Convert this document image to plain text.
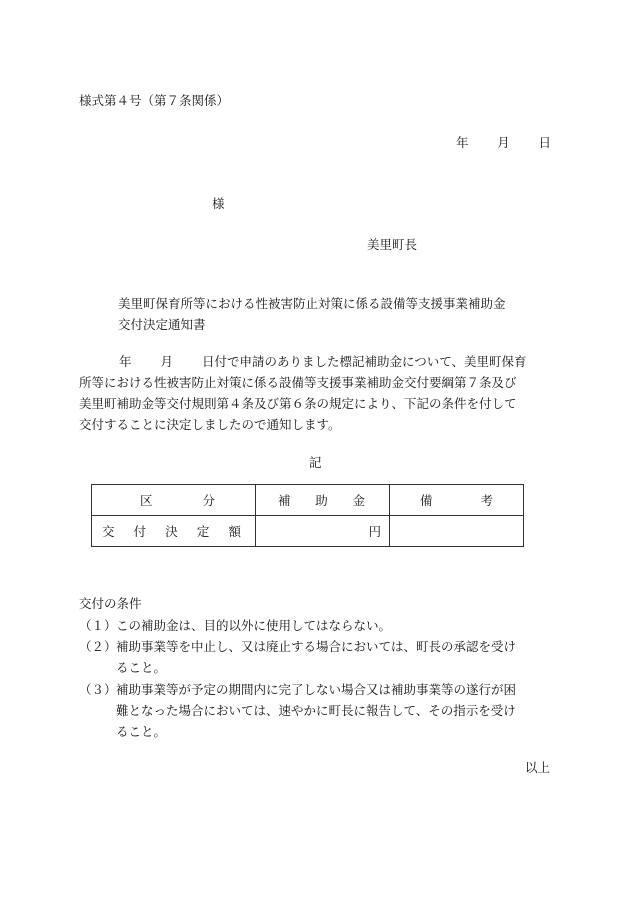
様式第４号（第７条関係）
年 月 日
様
美里町長
美里町保育所等における性被害防止対策に係る設備等支援事業補助金
交付決定通知書
年 月 日付で申請のありました標記補助金について、美里町保育
所等における性被害防止対策に係る設備等支援事業補助金交付要綱第７条及び
美里町補助金等交付規則第４条及び第６条の規定により、下記の条件を付して
交付することに決定しましたので通知します。
記
区 分	補 助 金	備 考

交 付 決 定 額	円	
交付の条件
（１） この補助金は、目的以外に使用してはならない。
（２） 補助事業等を中止し、又は廃止する場合においては、町長の承認を受け
ること。
（３） 補助事業等が予定の期間内に完了しない場合又は補助事業等の遂行が困
難となった場合においては、速やかに町長に報告して、その指示を受け
ること。
以上
